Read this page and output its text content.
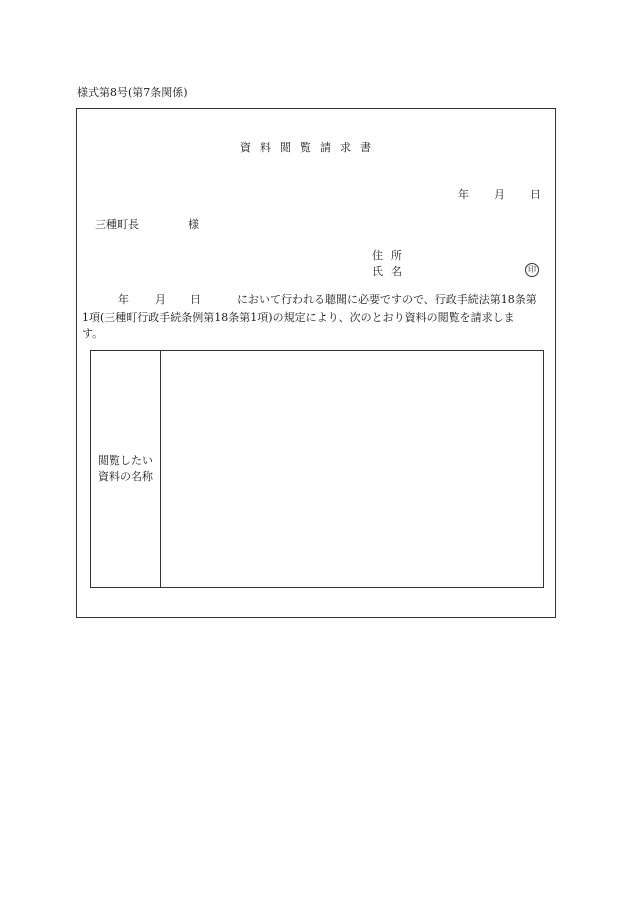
様式第8号(第7条関係)
資料閲覧請求書
年 月 日
三種町長	様
住所
氏名	印
年 月 日	において行われる聴聞に必要ですので、行政手続法第18条第
1項(三種町行政手続条例第18条第1項)の規定により、次のとおり資料の閲覧を請求しま
す。
閲覧したい
資料の名称
